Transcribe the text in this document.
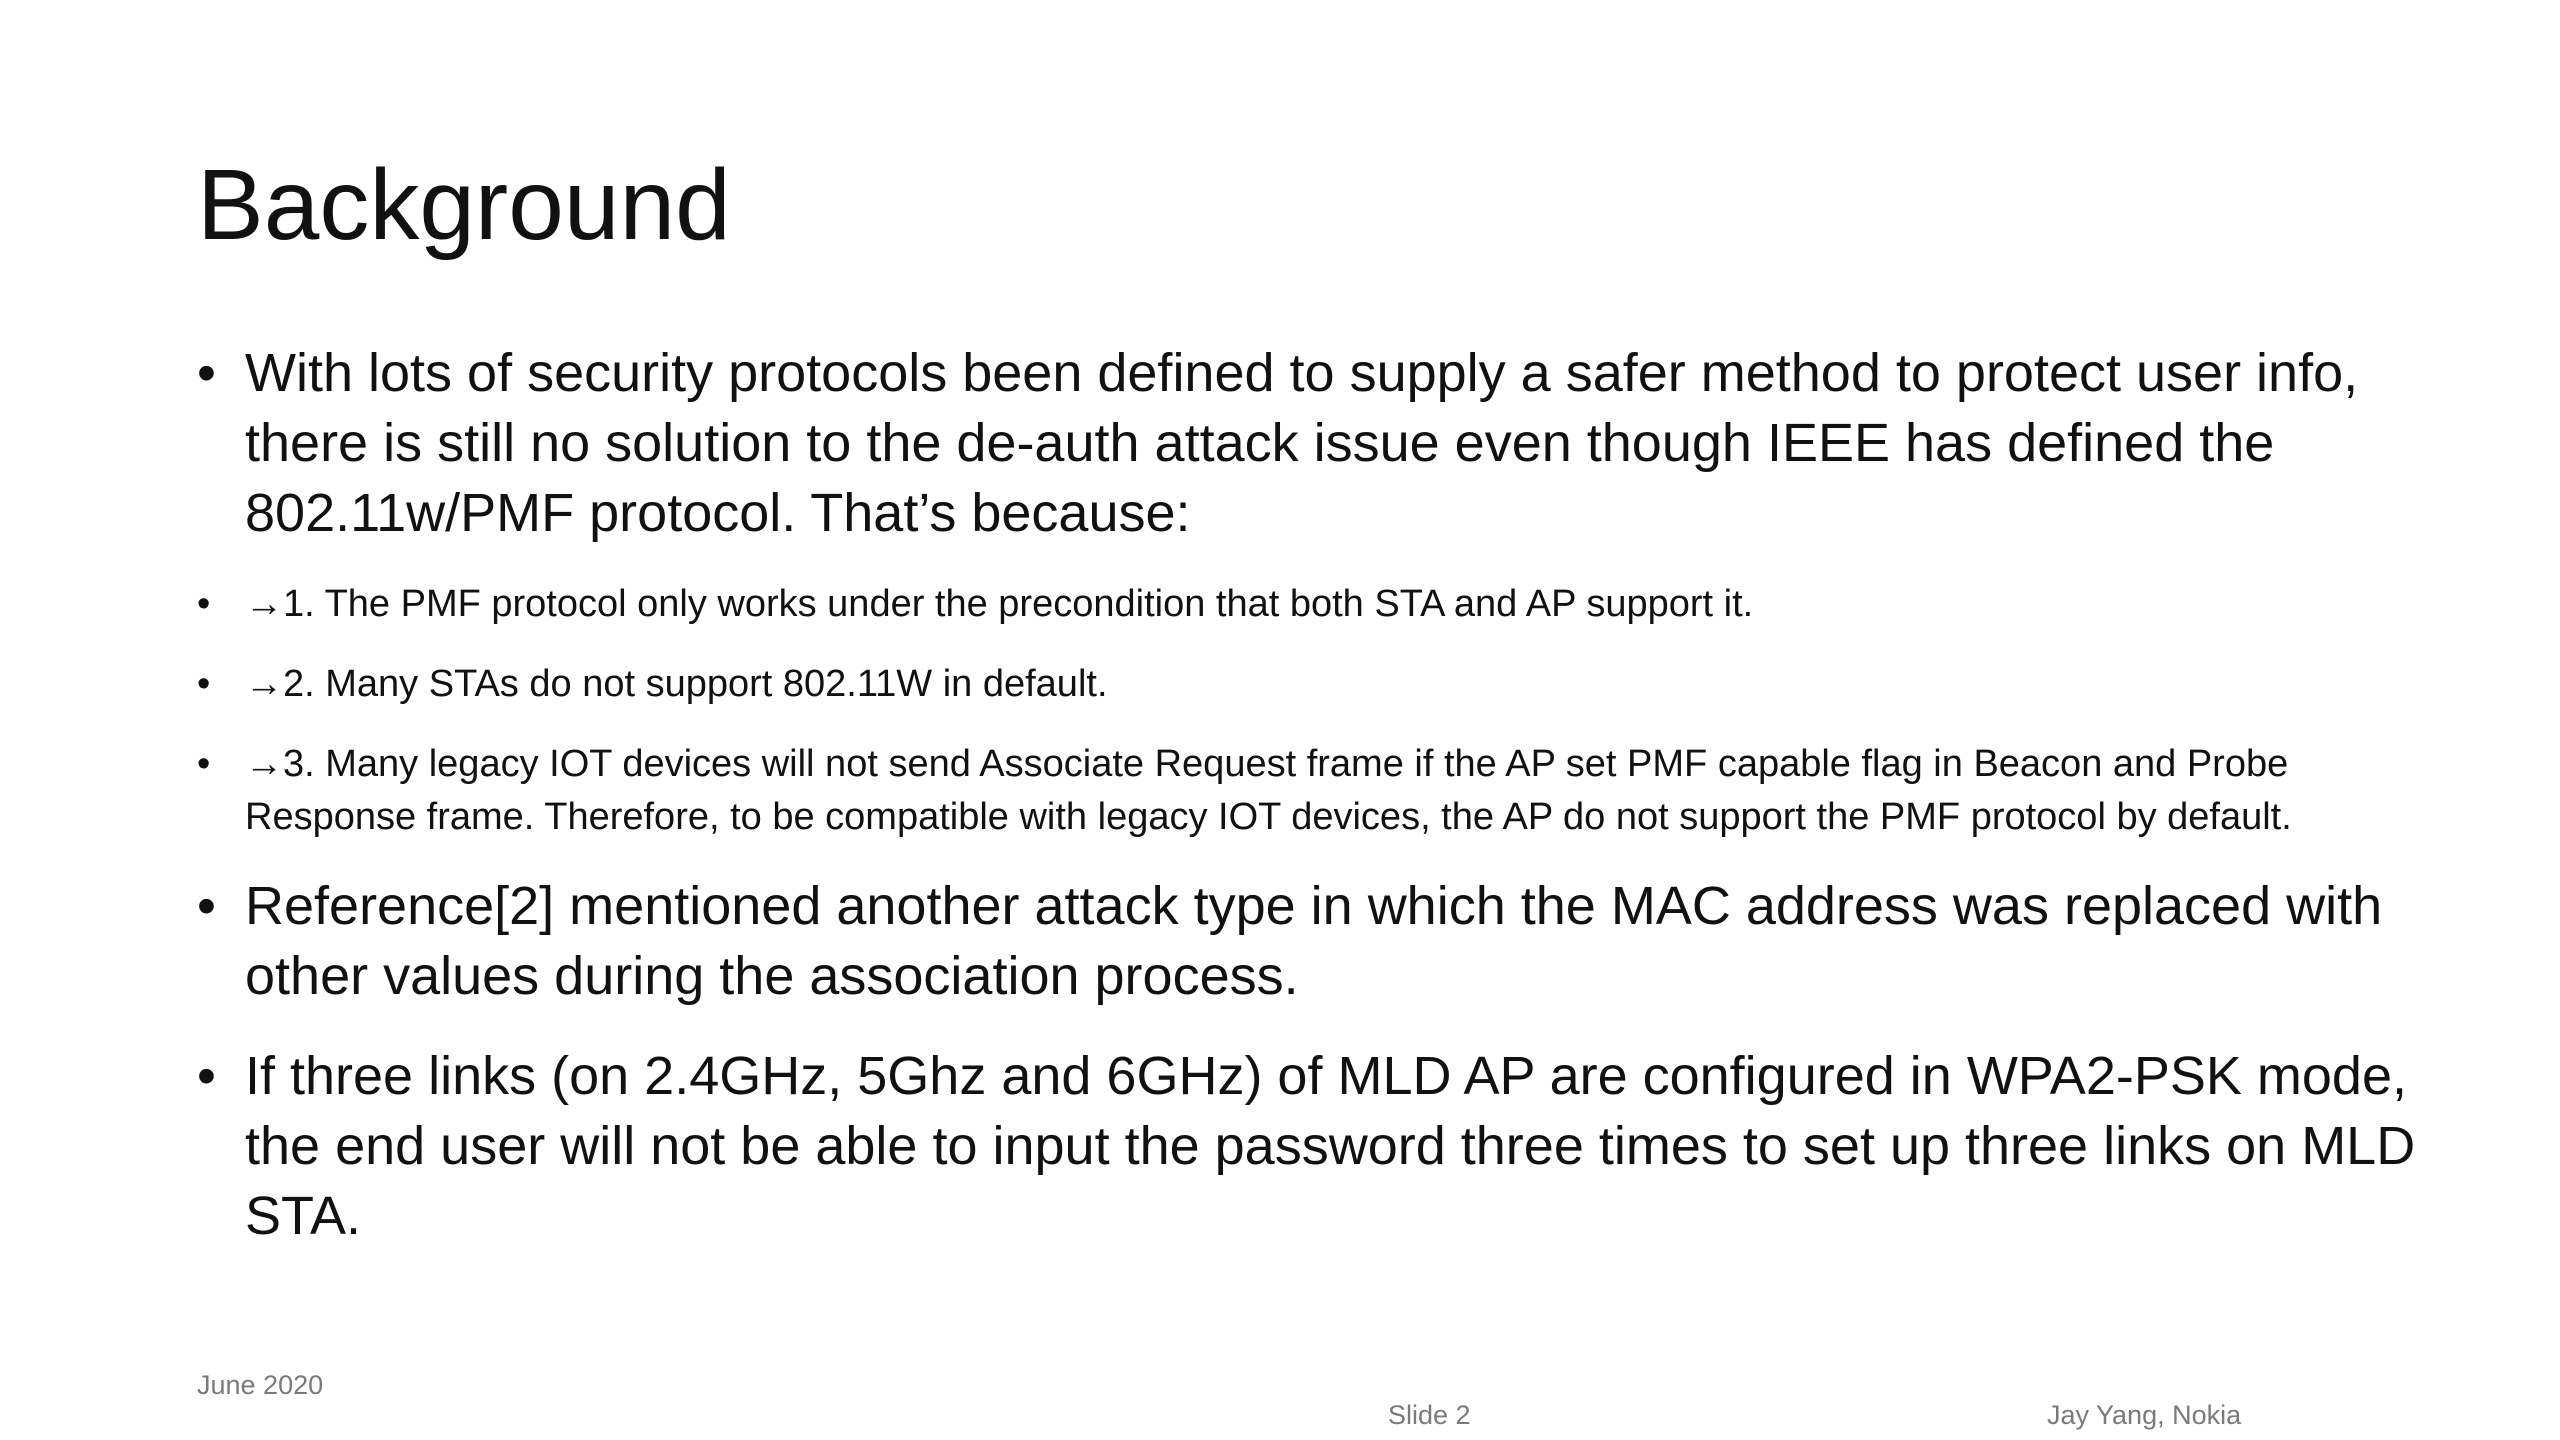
Background
• With lots of security protocols been defined to supply a safer method to protect user info, there is still no solution to the de-auth attack issue even though IEEE has defined the 802.11w/PMF protocol. That’s because:
• →1. The PMF protocol only works under the precondition that both STA and AP support it.
• →2. Many STAs do not support 802.11W in default.
• →3. Many legacy IOT devices will not send Associate Request frame if the AP set PMF capable flag in Beacon and Probe Response frame. Therefore, to be compatible with legacy IOT devices, the AP do not support the PMF protocol by default.
• Reference[2] mentioned another attack type in which the MAC address was replaced with other values during the association process.
• If three links (on 2.4GHz, 5Ghz and 6GHz) of MLD AP are configured in WPA2-PSK mode, the end user will not be able to input the password three times to set up three links on MLD STA.

June 2020

Slide 2	Jay Yang, Nokia
